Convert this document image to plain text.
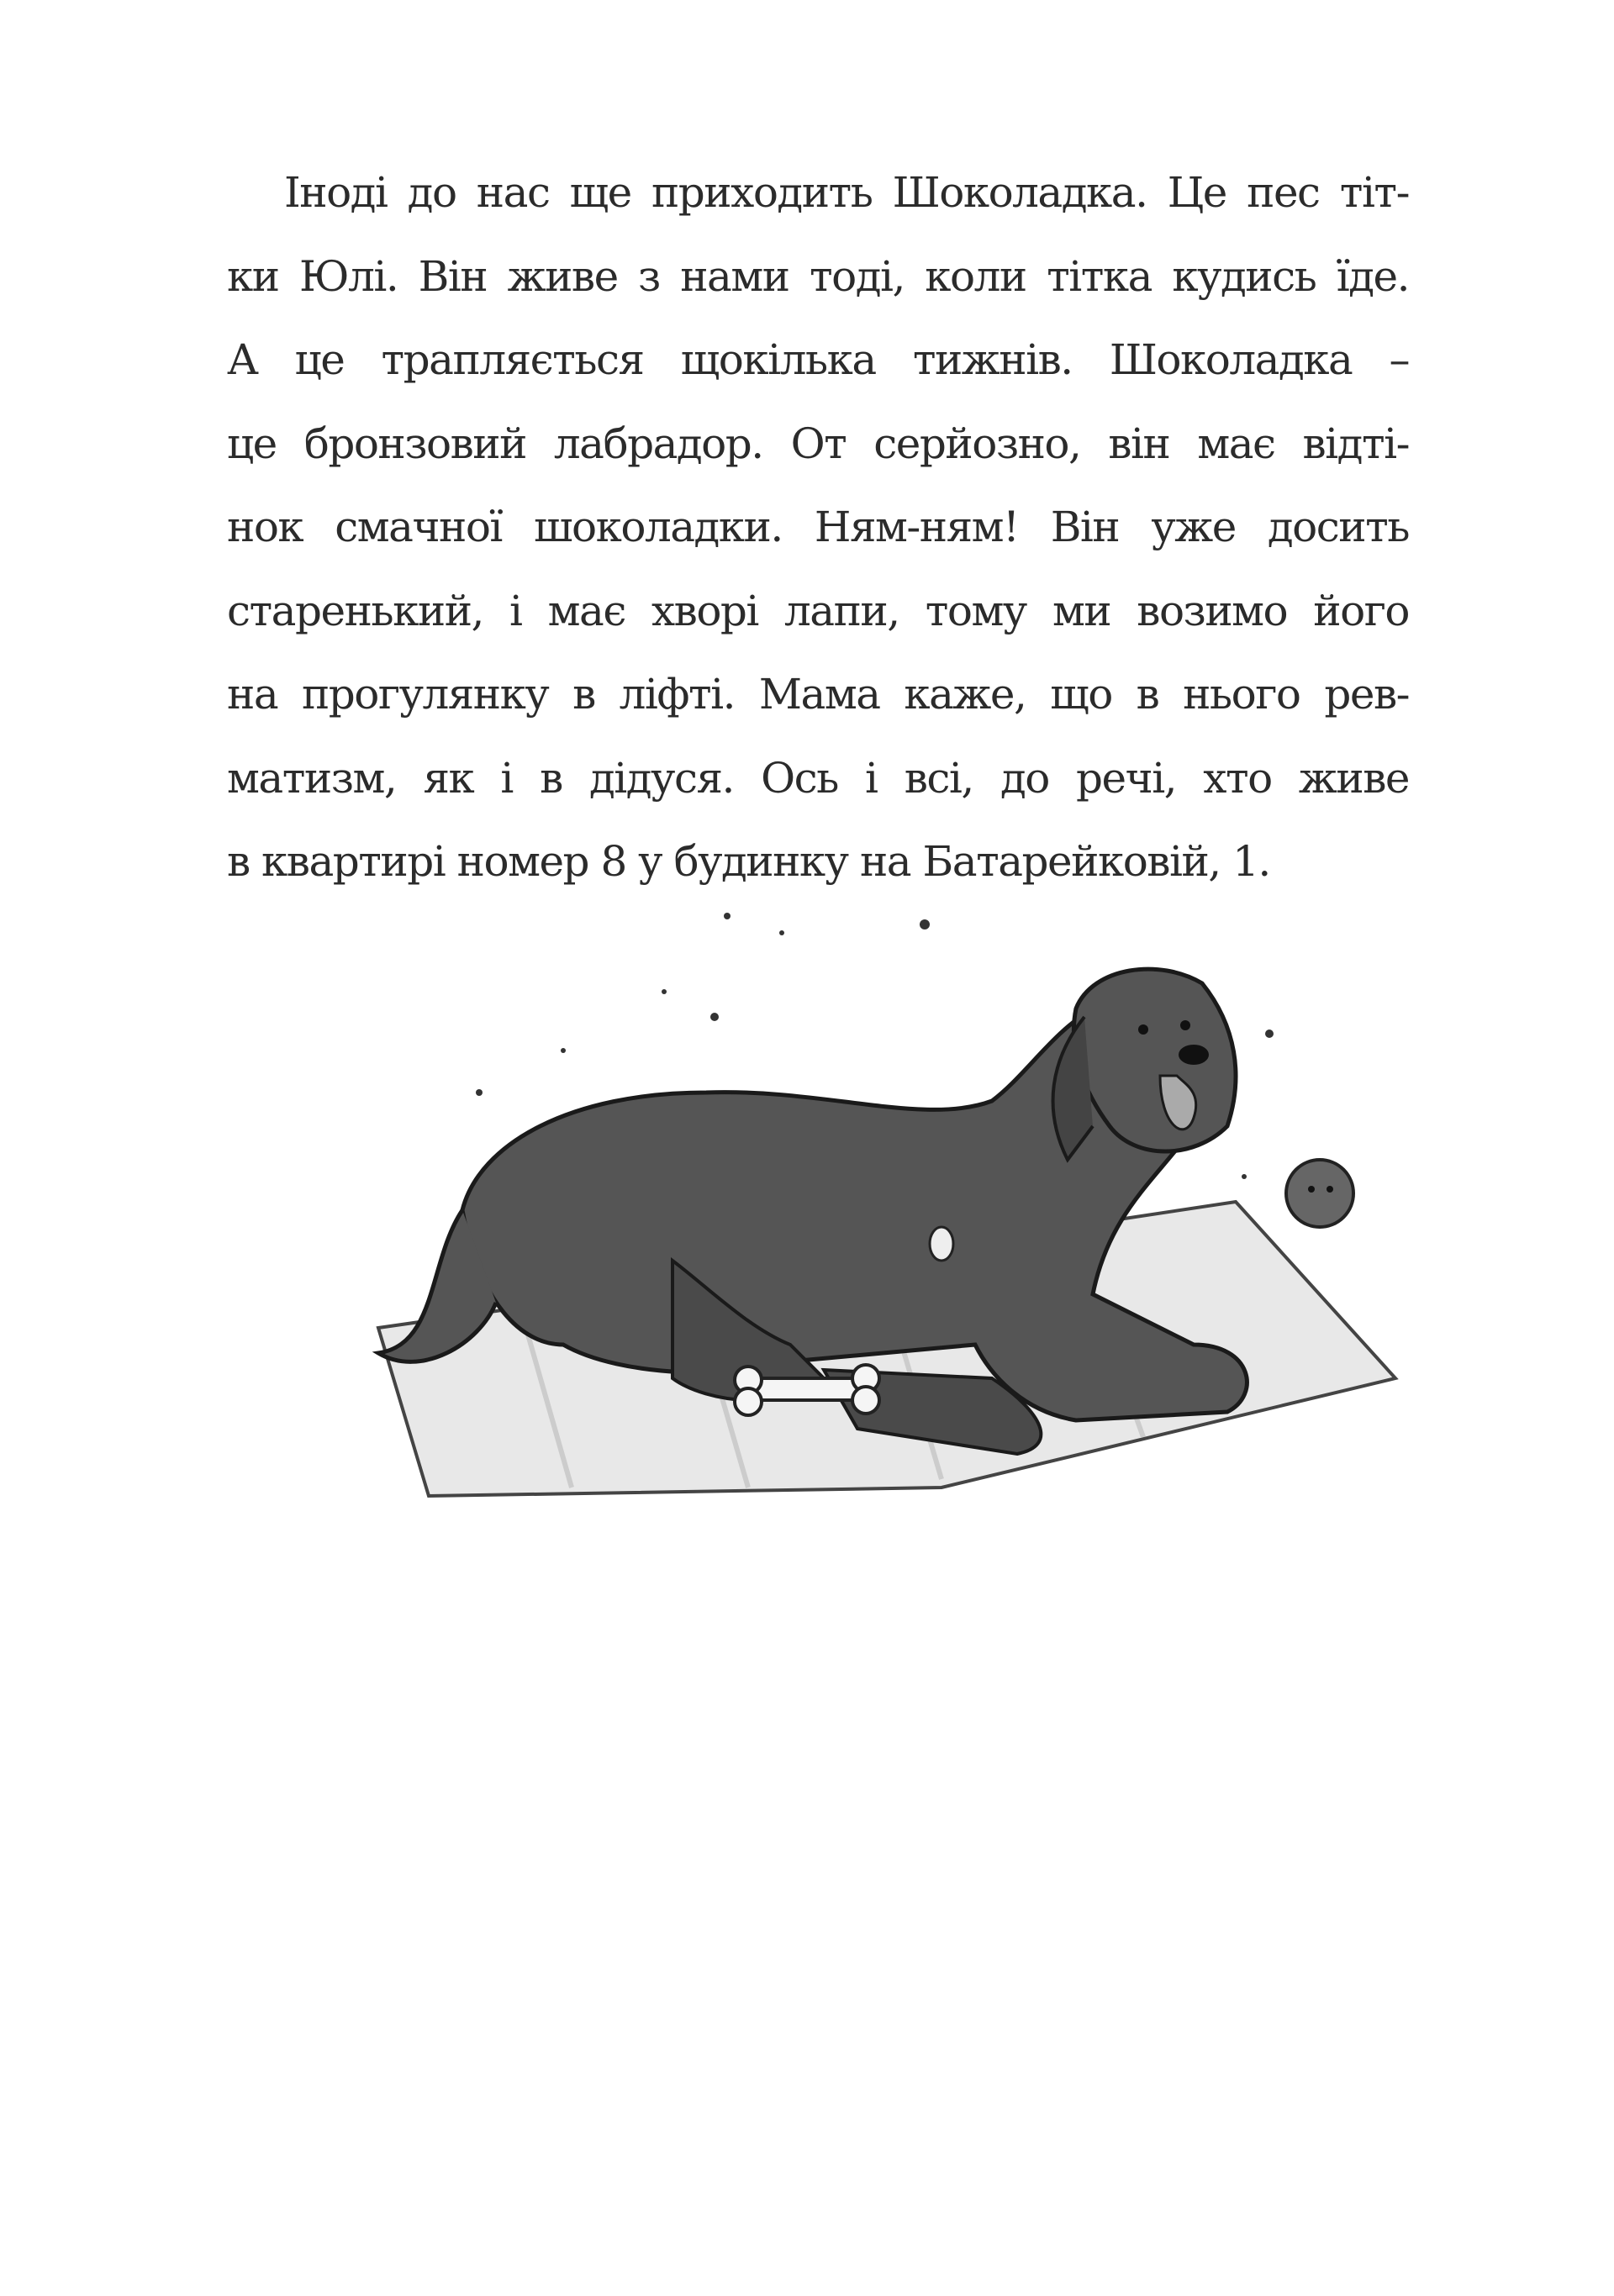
Іноді до нас ще приходить Шоколадка. Це пес тіт-
ки Юлі. Він живе з нами тоді, коли тітка кудись їде.
А це трапляється щокілька тижнів. Шоколадка –
це бронзовий лабрадор. От серйозно, він має відті-
нок смачної шоколадки. Ням-ням! Він уже досить
старенький, і має хворі лапи, тому ми возимо його
на прогулянку в ліфті. Мама каже, що в нього рев-
матизм, як і в дідуся. Ось і всі, до речі, хто живе
в квартирі номер 8 у будинку на Батарейковій, 1.
